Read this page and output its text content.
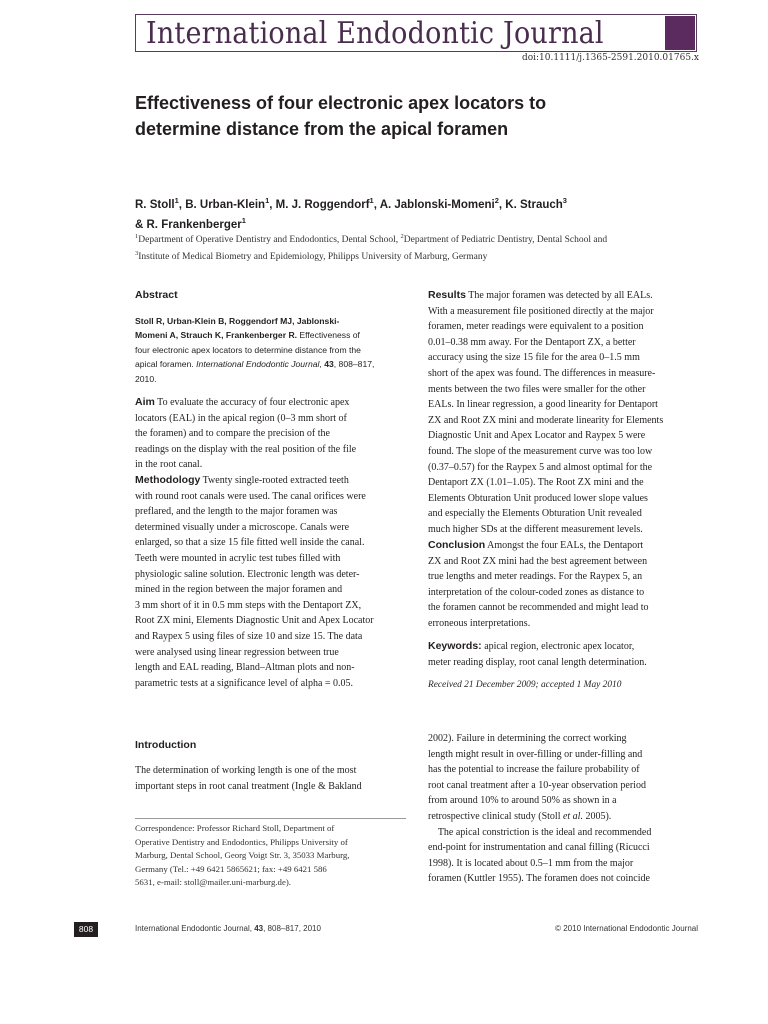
International Endodontic Journal
doi:10.1111/j.1365-2591.2010.01765.x
Effectiveness of four electronic apex locators to
determine distance from the apical foramen
R. Stoll$^1$, B. Urban-Klein$^1$, M. J. Roggendorf$^1$, A. Jablonski-Momeni$^2$, K. Strauch$^3$
& R. Frankenberger$^1$
$^1$Department of Operative Dentistry and Endodontics, Dental School, $^2$Department of Pediatric Dentistry, Dental School and
$^3$Institute of Medical Biometry and Epidemiology, Philipps University of Marburg, Germany
Abstract
Stoll R, Urban-Klein B, Roggendorf MJ, Jablonski-
Momeni A, Strauch K, Frankenberger R. Effectiveness of
four electronic apex locators to determine distance from the
apical foramen. International Endodontic Journal, 43, 808–817,
2010.
Aim To evaluate the accuracy of four electronic apex
locators (EAL) in the apical region (0–3 mm short of
the foramen) and to compare the precision of the
readings on the display with the real position of the file
in the root canal.
Methodology Twenty single-rooted extracted teeth
with round root canals were used. The canal orifices were
preflared, and the length to the major foramen was
determined visually under a microscope. Canals were
enlarged, so that a size 15 file fitted well inside the canal.
Teeth were mounted in acrylic test tubes filled with
physiologic saline solution. Electronic length was deter-
mined in the region between the major foramen and
3 mm short of it in 0.5 mm steps with the Dentaport ZX,
Root ZX mini, Elements Diagnostic Unit and Apex Locator
and Raypex 5 using files of size 10 and size 15. The data
were analysed using linear regression between true
length and EAL reading, Bland–Altman plots and non-
parametric tests at a significance level of alpha = 0.05.
Results The major foramen was detected by all EALs.
With a measurement file positioned directly at the major
foramen, meter readings were equivalent to a position
0.01–0.38 mm away. For the Dentaport ZX, a better
accuracy using the size 15 file for the area 0–1.5 mm
short of the apex was found. The differences in measure-
ments between the two files were smaller for the other
EALs. In linear regression, a good linearity for Dentaport
ZX and Root ZX mini and moderate linearity for Elements
Diagnostic Unit and Apex Locator and Raypex 5 were
found. The slope of the measurement curve was too low
(0.37–0.57) for the Raypex 5 and almost optimal for the
Dentaport ZX (1.01–1.05). The Root ZX mini and the
Elements Obturation Unit produced lower slope values
and especially the Elements Obturation Unit revealed
much higher SDs at the different measurement levels.
Conclusion Amongst the four EALs, the Dentaport
ZX and Root ZX mini had the best agreement between
true lengths and meter readings. For the Raypex 5, an
interpretation of the colour-coded zones as distance to
the foramen cannot be recommended and might lead to
erroneous interpretations.
Keywords: apical region, electronic apex locator,
meter reading display, root canal length determination.
Received 21 December 2009; accepted 1 May 2010
Introduction
The determination of working length is one of the most
important steps in root canal treatment (Ingle & Bakland
Correspondence: Professor Richard Stoll, Department of
Operative Dentistry and Endodontics, Philipps University of
Marburg, Dental School, Georg Voigt Str. 3, 35033 Marburg,
Germany (Tel.: +49 6421 5865621; fax: +49 6421 586
5631, e-mail: stoll@mailer.uni-marburg.de).
2002). Failure in determining the correct working
length might result in over-filling or under-filling and
has the potential to increase the failure probability of
root canal treatment after a 10-year observation period
from around 10% to around 50% as shown in a
retrospective clinical study (Stoll et al. 2005).
The apical constriction is the ideal and recommended
end-point for instrumentation and canal filling (Ricucci
1998). It is located about 0.5–1 mm from the major
foramen (Kuttler 1955). The foramen does not coincide
808	International Endodontic Journal, 43, 808–817, 2010	© 2010 International Endodontic Journal
